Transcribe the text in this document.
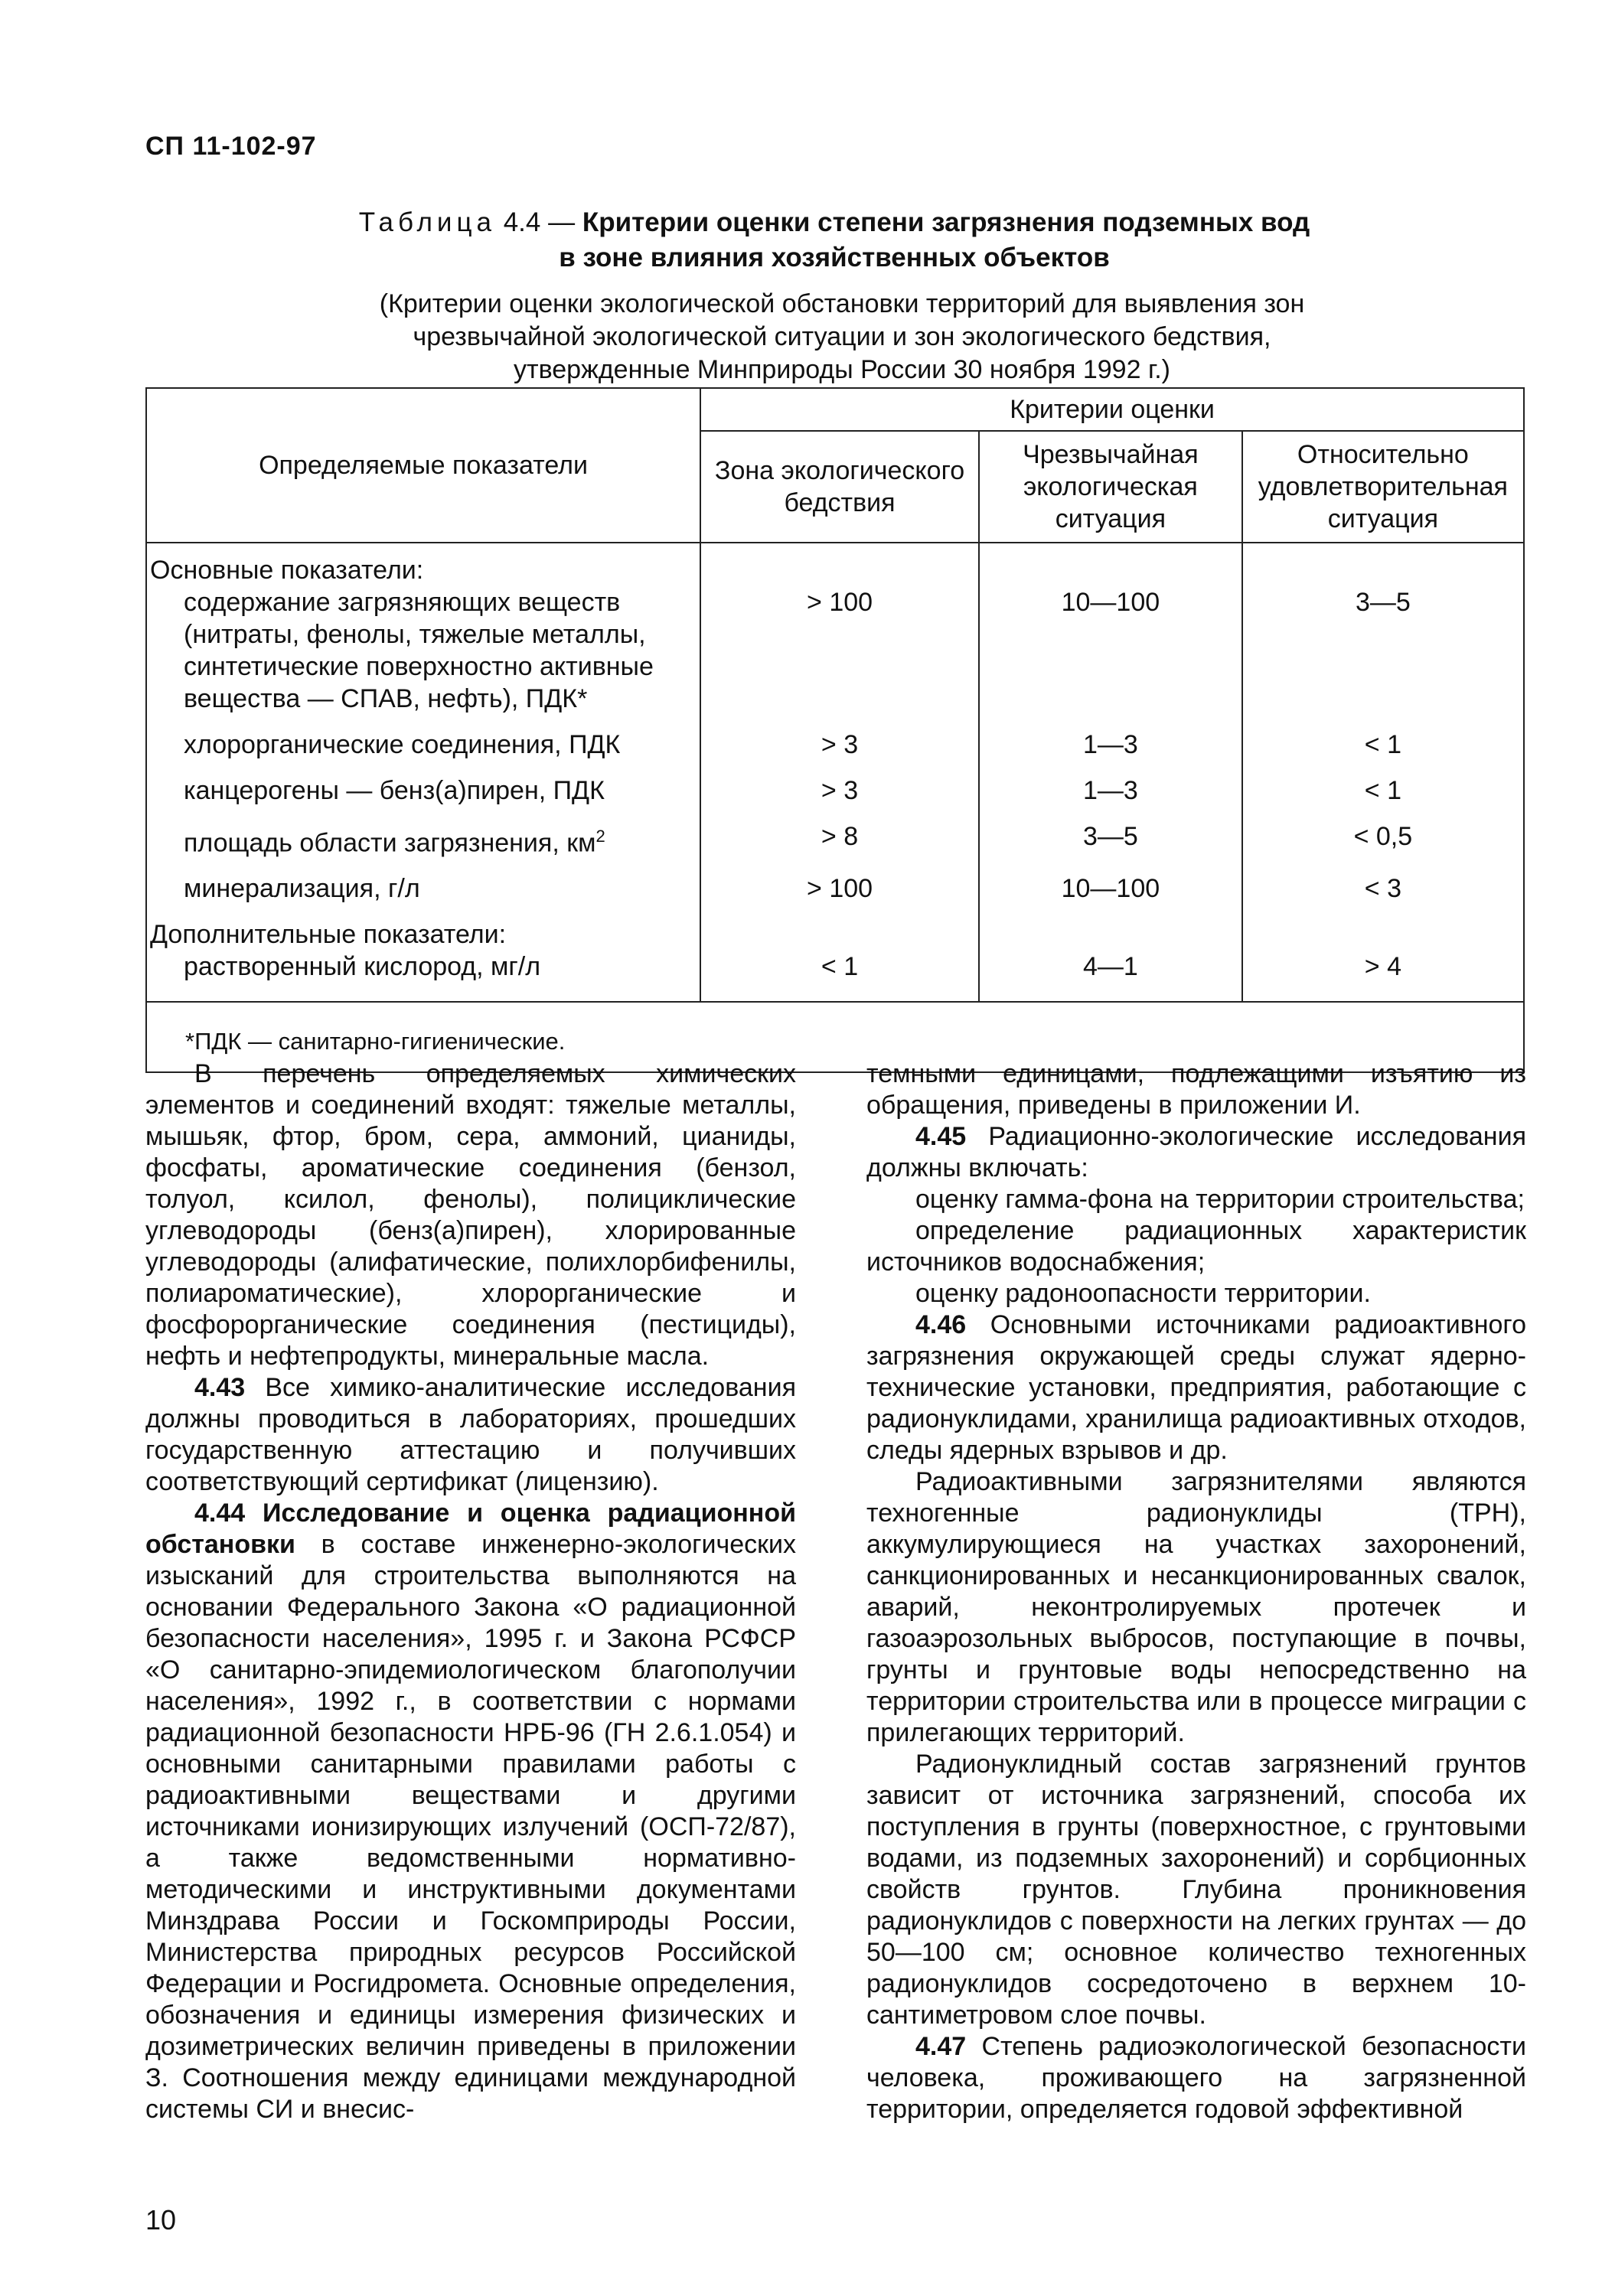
СП 11-102-97
Таблица 4.4 — Критерии оценки степени загрязнения подземных вод
в зоне влияния хозяйственных объектов
(Критерии оценки экологической обстановки территорий для выявления зон
чрезвычайной экологической ситуации и зон экологического бедствия,
утвержденные Минприроды России 30 ноября 1992 г.)
Определяемые показатели	Критерии оценки		
	Зона экологического бедствия	Чрезвычайная экологическая ситуация	Относительно удовлетворительная ситуация
Основные показатели:			

содержание загрязняющих веществ (нитраты, фенолы, тяжелые металлы, синтетические поверхностно активные вещества — СПАВ, нефть), ПДК*	> 100	10—100	3—5

хлорорганические соединения, ПДК	> 3	1—3	< 1

канцерогены — бенз(а)пирен, ПДК	> 3	1—3	< 1

площадь области загрязнения, $км^2$	> 8	3—5	< 0,5

минерализация, г/л	> 100	10—100	< 3
Дополнительные показатели:			

растворенный кислород, мг/л	< 1	4—1	> 4
*ПДК — санитарно-гигиенические.			

В перечень определяемых химических элементов и соединений входят: тяжелые металлы, мышьяк, фтор, бром, сера, аммоний, цианиды, фосфаты, ароматические соединения (бензол, толуол, ксилол, фенолы), полициклические углеводороды (бенз(а)пирен), хлорированные углеводороды (алифатические, полихлорбифенилы, полиароматические), хлорорганические и фосфорорганические соединения (пестициды), нефть и нефтепродукты, минеральные масла.

4.43 Все химико-аналитические исследования должны проводиться в лабораториях, прошедших государственную аттестацию и получивших соответствующий сертификат (лицензию).

4.44 Исследование и оценка радиационной обстановки в составе инженерно-экологических изысканий для строительства выполняются на основании Федерального Закона «О радиационной безопасности населения», 1995 г. и Закона РСФСР «О санитарно-эпидемиологическом благополучии населения», 1992 г., в соответствии с нормами радиационной безопасности НРБ-96 (ГН 2.6.1.054) и основными санитарными правилами работы с радиоактивными веществами и другими источниками ионизирующих излучений (ОСП-72/87), а также ведомственными нормативно-методическими и инструктивными документами Минздрава России и Госкомприроды России, Министерства природных ресурсов Российской Федерации и Росгидромета. Основные определения, обозначения и единицы измерения физических и дозиметрических величин приведены в приложении З. Соотношения между единицами международной системы СИ и внесис-

темными единицами, подлежащими изъятию из обращения, приведены в приложении И.

4.45 Радиационно-экологические исследования должны включать:

оценку гамма-фона на территории строительства;

определение радиационных характеристик источников водоснабжения;

оценку радоноопасности территории.

4.46 Основными источниками радиоактивного загрязнения окружающей среды служат ядерно-технические установки, предприятия, работающие с радионуклидами, хранилища радиоактивных отходов, следы ядерных взрывов и др.

Радиоактивными загрязнителями являются техногенные радионуклиды (ТРН), аккумулирующиеся на участках захоронений, санкционированных и несанкционированных свалок, аварий, неконтролируемых протечек и газоаэрозольных выбросов, поступающие в почвы, грунты и грунтовые воды непосредственно на территории строительства или в процессе миграции с прилегающих территорий.

Радионуклидный состав загрязнений грунтов зависит от источника загрязнений, способа их поступления в грунты (поверхностное, с грунтовыми водами, из подземных захоронений) и сорбционных свойств грунтов. Глубина проникновения радионуклидов с поверхности на легких грунтах — до 50—100 см; основное количество техногенных радионуклидов сосредоточено в верхнем 10-сантиметровом слое почвы.

4.47 Степень радиоэкологической безопасности человека, проживающего на загрязненной территории, определяется годовой эффективной

10
